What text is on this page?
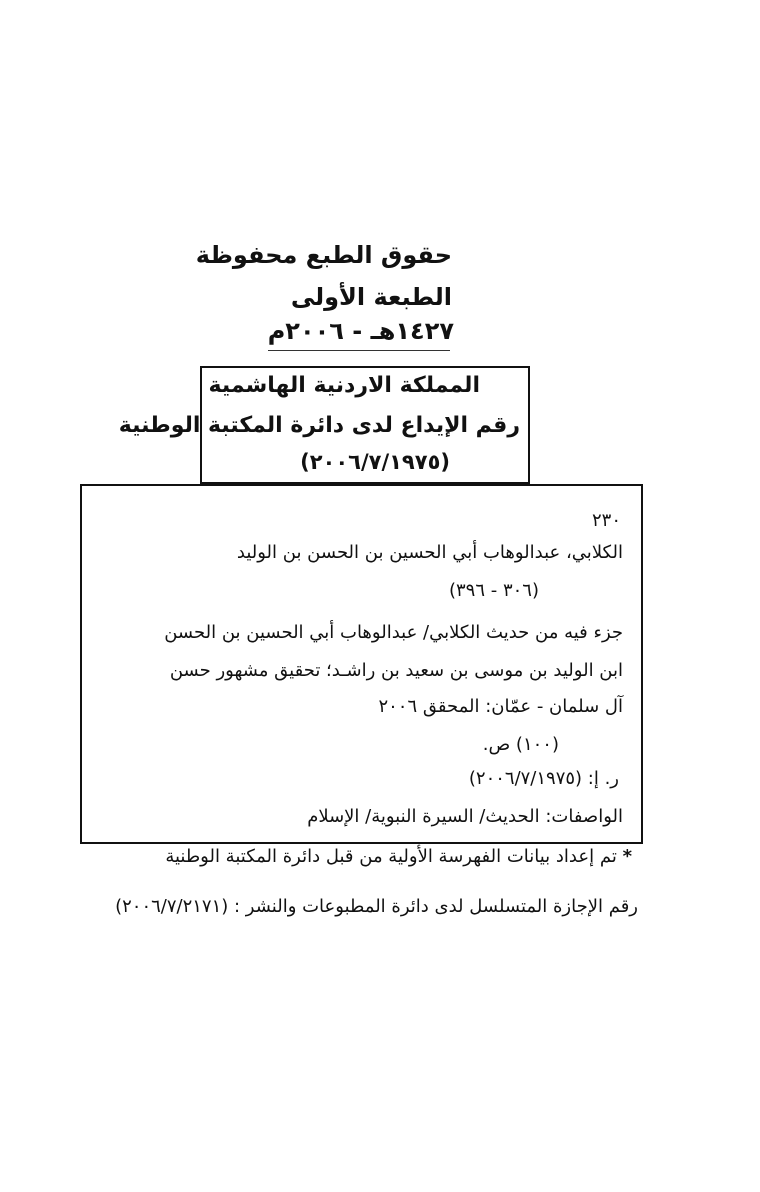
حقوق الطبع محفوظة
الطبعة الأولى
١٤٢٧هـ - ٢٠٠٦م
المملكة الاردنية الهاشمية
رقم الإيداع لدى دائرة المكتبة الوطنية
(٢٠٠٦/٧/١٩٧٥)
٢٣٠
الكلابي، عبدالوهاب أبي الحسين بن الحسن بن الوليد
(٣٠٦ - ٣٩٦)
جزء فيه من حديث الكلابي/ عبدالوهاب أبي الحسين بن الحسن
ابن الوليد بن موسى بن سعيد بن راشـد؛ تحقيق مشهور حسن
آل سلمان - عمّان: المحقق ٢٠٠٦
(١٠٠) ص.
ر. إ: (٢٠٠٦/٧/١٩٧٥)
الواصفات: الحديث/ السيرة النبوية/ الإسلام
* تم إعداد بيانات الفهرسة الأولية من قبل دائرة المكتبة الوطنية
رقم الإجازة المتسلسل لدى دائرة المطبوعات والنشر : (٢٠٠٦/٧/٢١٧١)
